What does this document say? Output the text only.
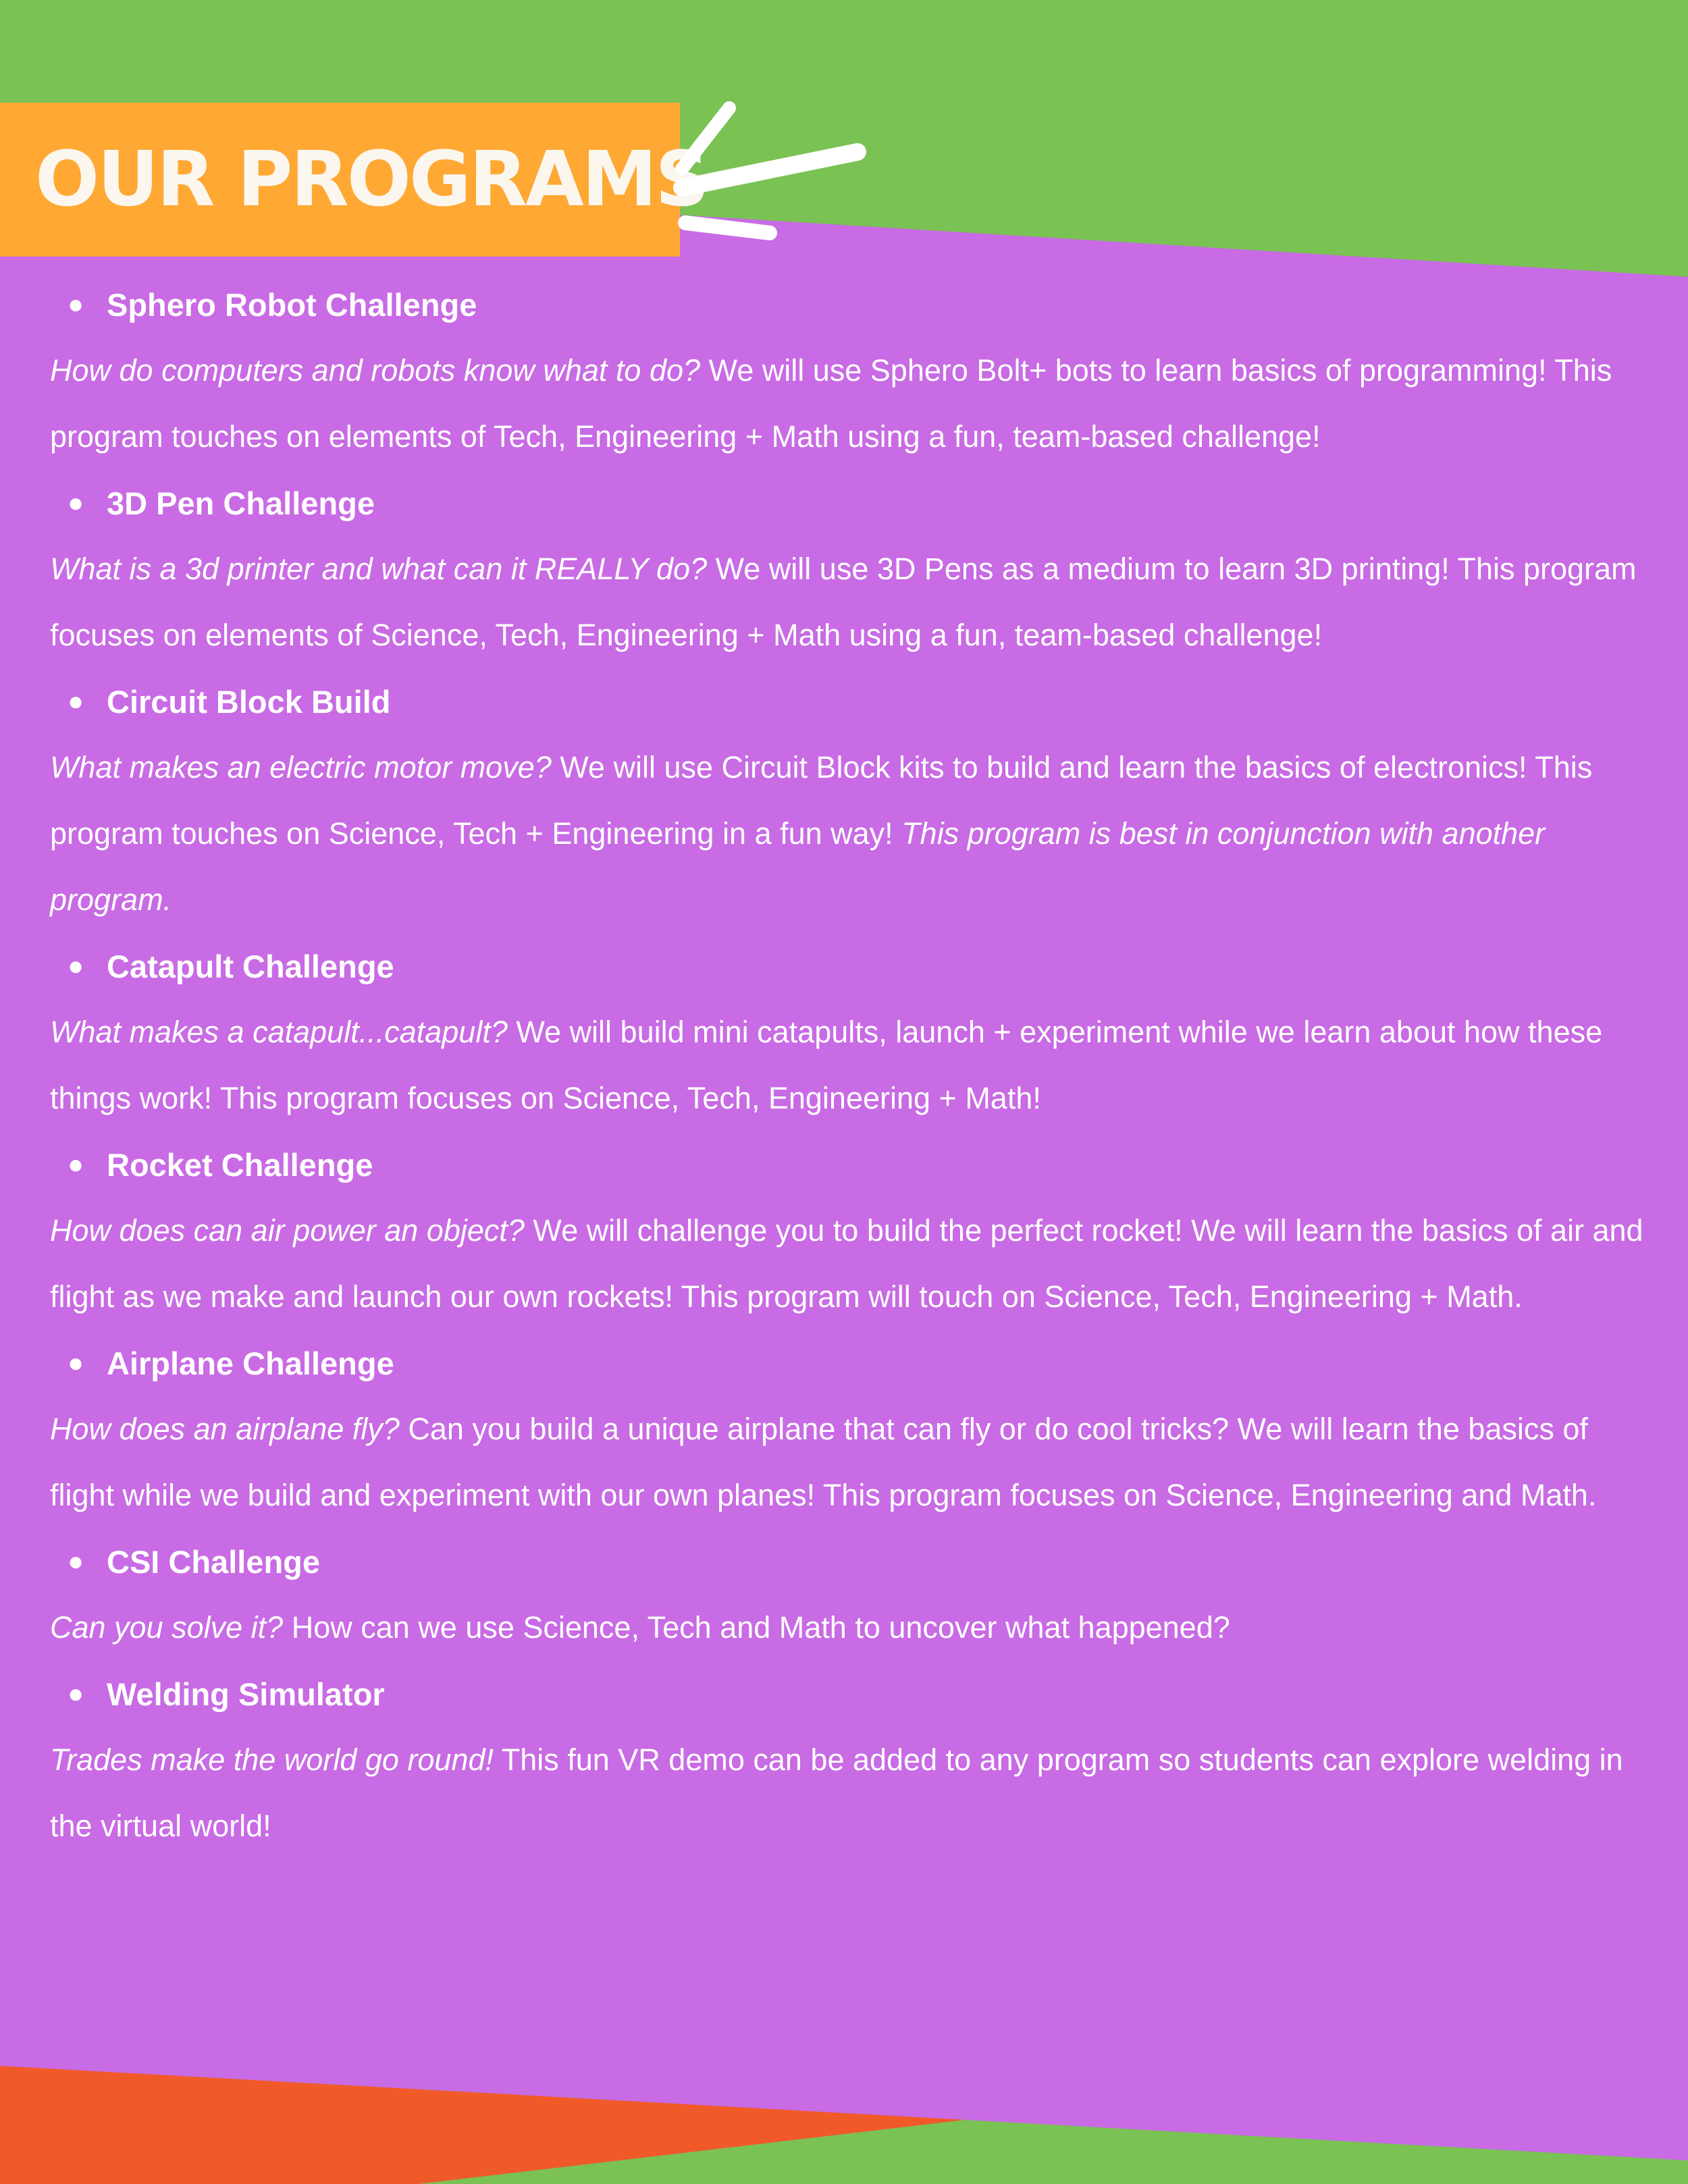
OUR PROGRAMS
● Sphero Robot Challenge

How do computers and robots know what to do? We will use Sphero Bolt+ bots to learn basics of programming! This program touches on elements of Tech, Engineering + Math using a fun, team-based challenge!

● 3D Pen Challenge

What is a 3d printer and what can it REALLY do? We will use 3D Pens as a medium to learn 3D printing! This program focuses on elements of Science, Tech, Engineering + Math using a fun, team-based challenge!

● Circuit Block Build

What makes an electric motor move? We will use Circuit Block kits to build and learn the basics of electronics! This program touches on Science, Tech + Engineering in a fun way! This program is best in conjunction with another program.

● Catapult Challenge

What makes a catapult...catapult? We will build mini catapults, launch + experiment while we learn about how these things work! This program focuses on Science, Tech, Engineering + Math!

● Rocket Challenge

How does can air power an object? We will challenge you to build the perfect rocket! We will learn the basics of air and flight as we make and launch our own rockets! This program will touch on Science, Tech, Engineering + Math.

● Airplane Challenge

How does an airplane fly? Can you build a unique airplane that can fly or do cool tricks? We will learn the basics of flight while we build and experiment with our own planes! This program focuses on Science, Engineering and Math.

● CSI Challenge

Can you solve it? How can we use Science, Tech and Math to uncover what happened?

● Welding Simulator

Trades make the world go round! This fun VR demo can be added to any program so students can explore welding in the virtual world!
